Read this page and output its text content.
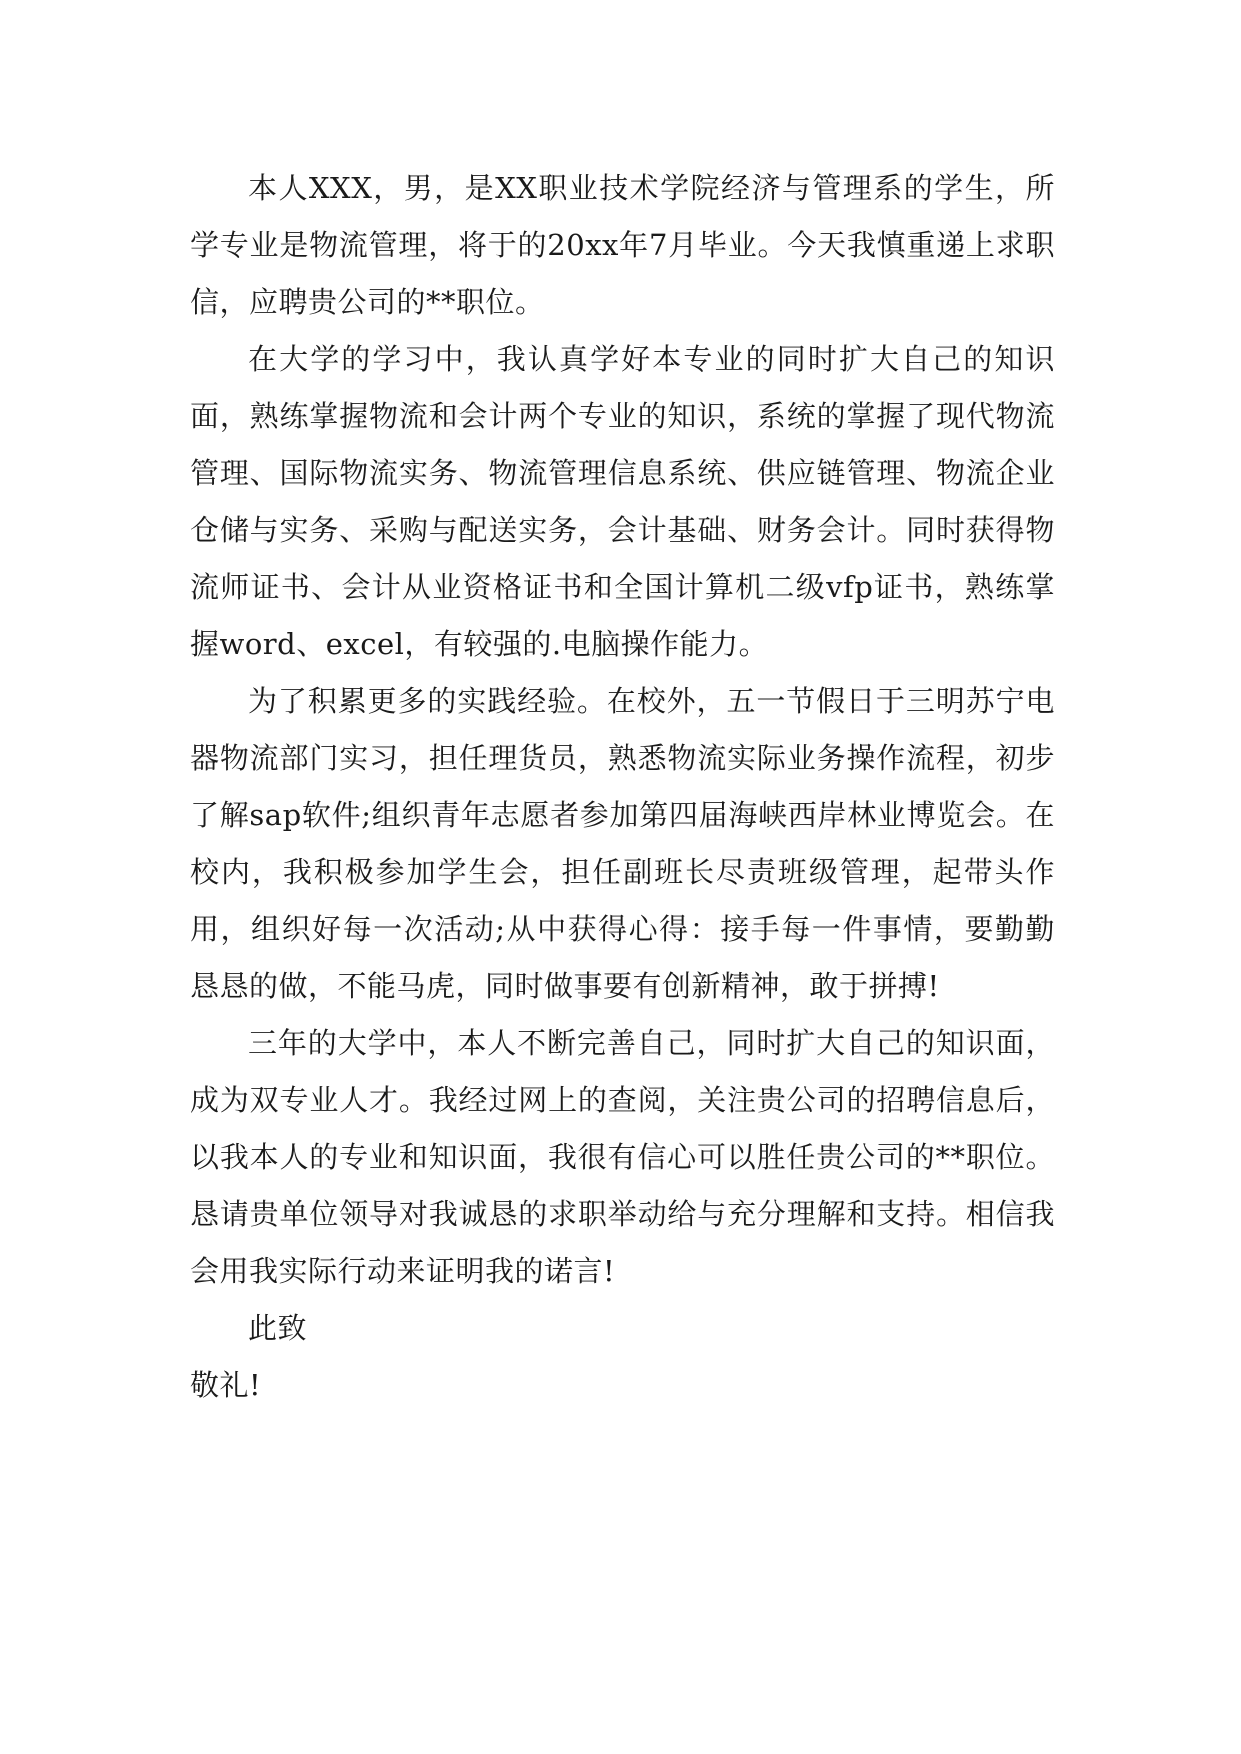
本人XXX，男，是XX职业技术学院经济与管理系的学生，所学专业是物流管理，将于的20xx年7月毕业。今天我慎重递上求职信，应聘贵公司的**职位。

在大学的学习中，我认真学好本专业的同时扩大自己的知识面，熟练掌握物流和会计两个专业的知识，系统的掌握了现代物流管理、国际物流实务、物流管理信息系统、供应链管理、物流企业仓储与实务、采购与配送实务，会计基础、财务会计。同时获得物流师证书、会计从业资格证书和全国计算机二级vfp证书，熟练掌握word、excel，有较强的.电脑操作能力。

为了积累更多的实践经验。在校外，五一节假日于三明苏宁电器物流部门实习，担任理货员，熟悉物流实际业务操作流程，初步了解sap软件;组织青年志愿者参加第四届海峡西岸林业博览会。在校内，我积极参加学生会，担任副班长尽责班级管理，起带头作用，组织好每一次活动;从中获得心得：接手每一件事情，要勤勤恳恳的做，不能马虎，同时做事要有创新精神，敢于拼搏!

三年的大学中，本人不断完善自己，同时扩大自己的知识面，成为双专业人才。我经过网上的查阅，关注贵公司的招聘信息后，以我本人的专业和知识面，我很有信心可以胜任贵公司的**职位。恳请贵单位领导对我诚恳的求职举动给与充分理解和支持。相信我会用我实际行动来证明我的诺言!

此致

敬礼!
